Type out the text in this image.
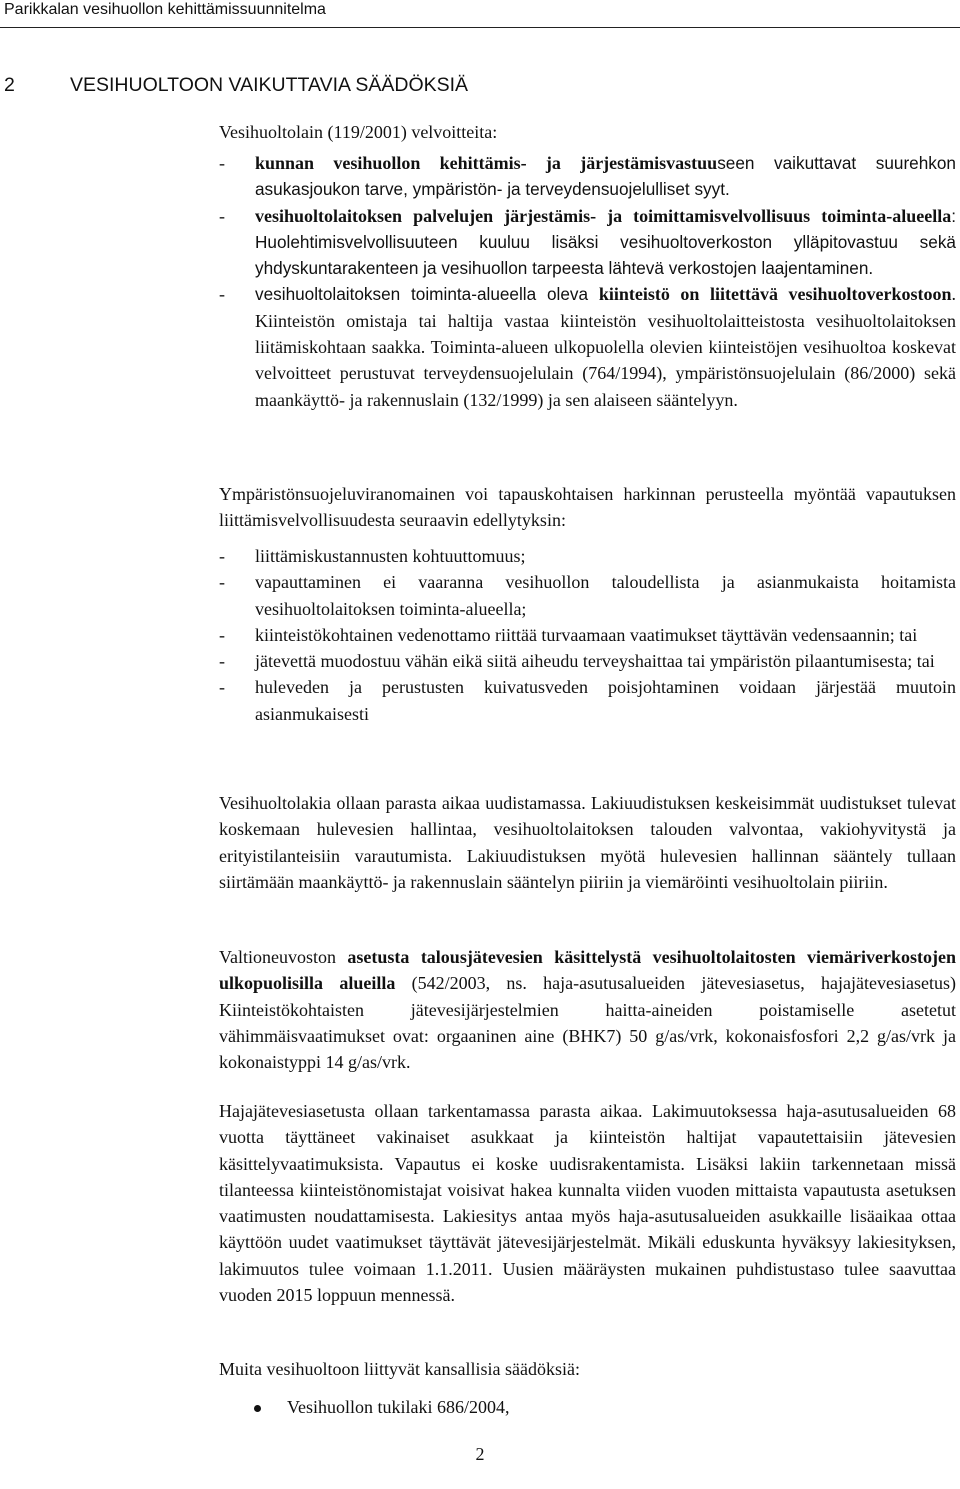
Parikkalan vesihuollon kehittämissuunnitelma
2	VESIHUOLTOON VAIKUTTAVIA SÄÄDÖKSIÄ

Vesihuoltolain (119/2001) velvoitteita:

- kunnan vesihuollon kehittämis- ja järjestämisvastuuseen vaikuttavat suurehkon asukasjoukon tarve, ympäristön- ja terveydensuojelulliset syyt.
- vesihuoltolaitoksen palvelujen järjestämis- ja toimittamisvelvollisuus toiminta-alueella: Huolehtimisvelvollisuuteen kuuluu lisäksi vesihuoltoverkoston ylläpitovastuu sekä yhdyskuntarakenteen ja vesihuollon tarpeesta lähtevä verkostojen laajentaminen.
- vesihuoltolaitoksen toiminta-alueella oleva kiinteistö on liitettävä vesihuoltoverkostoon. Kiinteistön omistaja tai haltija vastaa kiinteistön vesihuoltolaitteistosta vesihuoltolaitoksen liitämiskohtaan saakka. Toiminta-alueen ulkopuolella olevien kiinteistöjen vesihuoltoa koskevat velvoitteet perustuvat terveydensuojelulain (764/1994), ympäristönsuojelulain (86/2000) sekä maankäyttö- ja rakennuslain (132/1999) ja sen alaiseen sääntelyyn.

Ympäristönsuojeluviranomainen voi tapauskohtaisen harkinnan perusteella myöntää vapautuksen liittämisvelvollisuudesta seuraavin edellytyksin:

- liittämiskustannusten kohtuuttomuus;
- vapauttaminen ei vaaranna vesihuollon taloudellista ja asianmukaista hoitamista vesihuoltolaitoksen toiminta-alueella;
- kiinteistökohtainen vedenottamo riittää turvaamaan vaatimukset täyttävän vedensaannin; tai
- jätevettä muodostuu vähän eikä siitä aiheudu terveyshaittaa tai ympäristön pilaantumisesta; tai
- huleveden ja perustusten kuivatusveden poisjohtaminen voidaan järjestää muutoin asianmukaisesti

Vesihuoltolakia ollaan parasta aikaa uudistamassa. Lakiuudistuksen keskeisimmät uudistukset tulevat koskemaan hulevesien hallintaa, vesihuoltolaitoksen talouden valvontaa, vakiohyvitystä ja erityistilanteisiin varautumista. Lakiuudistuksen myötä hulevesien hallinnan sääntely tullaan siirtämään maankäyttö- ja rakennuslain sääntelyn piiriin ja viemäröinti vesihuoltolain piiriin.

Valtioneuvoston asetusta talousjätevesien käsittelystä vesihuoltolaitosten viemäriverkostojen ulkopuolisilla alueilla (542/2003, ns. haja-asutusalueiden jätevesiasetus, hajajätevesiasetus) Kiinteistökohtaisten jätevesijärjestelmien haitta-aineiden poistamiselle asetetut vähimmäisvaatimukset ovat: orgaaninen aine (BHK7) 50 g/as/vrk, kokonaisfosfori 2,2 g/as/vrk ja kokonaistyppi 14 g/as/vrk.

Hajajätevesiasetusta ollaan tarkentamassa parasta aikaa. Lakimuutoksessa haja-asutusalueiden 68 vuotta täyttäneet vakinaiset asukkaat ja kiinteistön haltijat vapautettaisiin jätevesien käsittelyvaatimuksista. Vapautus ei koske uudisrakentamista. Lisäksi lakiin tarkennetaan missä tilanteessa kiinteistönomistajat voisivat hakea kunnalta viiden vuoden mittaista vapautusta asetuksen vaatimusten noudattamisesta. Lakiesitys antaa myös haja-asutusalueiden asukkaille lisäaikaa ottaa käyttöön uudet vaatimukset täyttävät jätevesijärjestelmät. Mikäli eduskunta hyväksyy lakiesityksen, lakimuutos tulee voimaan 1.1.2011. Uusien määräysten mukainen puhdistustaso tulee saavuttaa vuoden 2015 loppuun mennessä.

Muita vesihuoltoon liittyvät kansallisia säädöksiä:

Vesihuollon tukilaki 686/2004,
2
